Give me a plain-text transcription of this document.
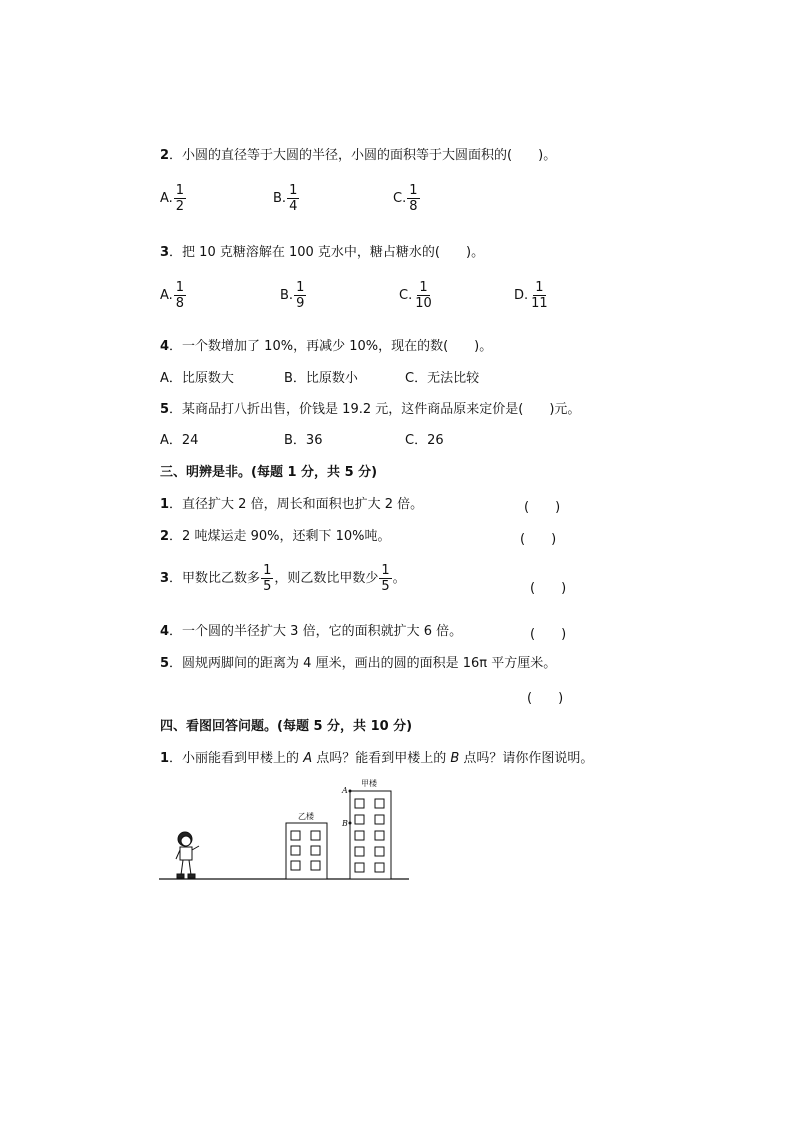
2．小圆的直径等于大圆的半径，小圆的面积等于大圆面积的(　　)。
A. $\frac{1}{2}$	B. $\frac{1}{4}$	C. $\frac{1}{8}$
3．把 10 克糖溶解在 100 克水中，糖占糖水的(　　)。
A. $\frac{1}{8}$	B. $\frac{1}{9}$	C. $\frac{1}{10}$	D. $\frac{1}{11}$
4．一个数增加了 10%，再减少 10%，现在的数(　　)。
A．比原数大	B．比原数小	C．无法比较
5．某商品打八折出售，价钱是 19.2 元，这件商品原来定价是(　　)元。
A．24	B．36	C．26
三、明辨是非。(每题 1 分，共 5 分)
1．直径扩大 2 倍，周长和面积也扩大 2 倍。	(　　)
2．2 吨煤运走 90%，还剩下 10%吨。	(　　)
3 ．甲数比乙数多 $\frac{1}{5}$ ，则乙数比甲数少 $\frac{1}{5}$ 。
(　　)
4．一个圆的半径扩大 3 倍，它的面积就扩大 6 倍。	(　　)
5．圆规两脚间的距离为 4 厘米，画出的圆的面积是 16π 平方厘米。
(　　)
四、看图回答问题。(每题 5 分，共 10 分)
1．小丽能看到甲楼上的 A 点吗？能看到甲楼上的 B 点吗？请你作图说明。
乙楼
甲楼
A
B
